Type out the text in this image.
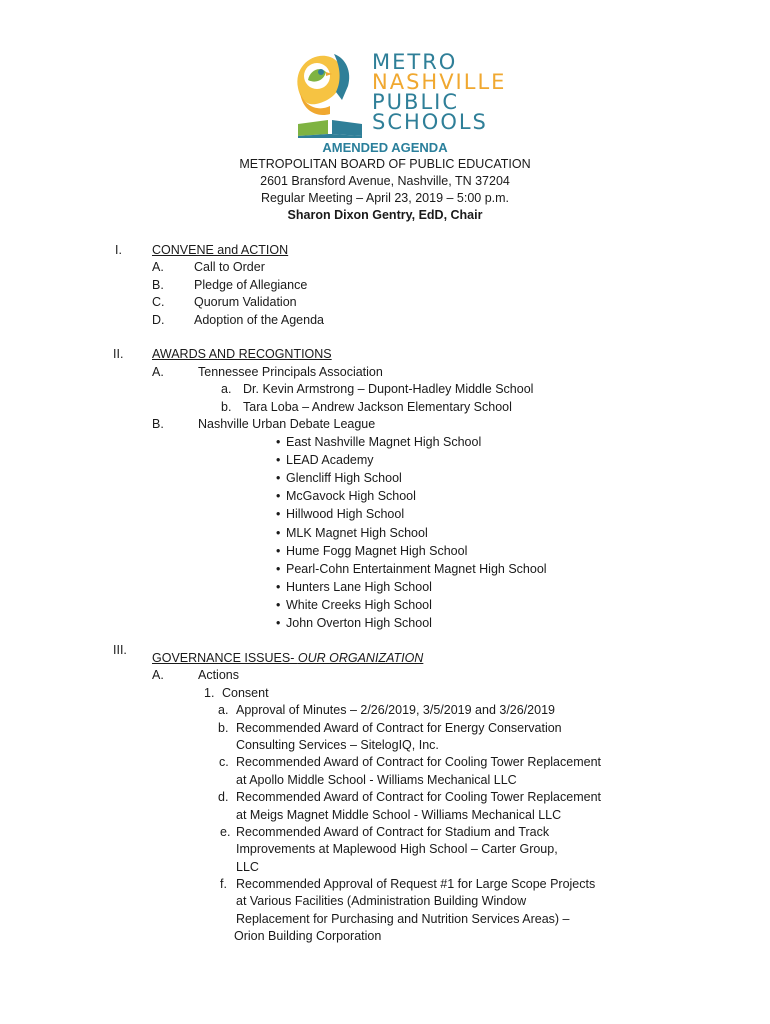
METRO
NASHVILLE
PUBLIC
SCHOOLS
AMENDED AGENDA
METROPOLITAN BOARD OF PUBLIC EDUCATION
2601 Bransford Avenue, Nashville, TN 37204
Regular Meeting – April 23, 2019 – 5:00 p.m.
Sharon Dixon Gentry, EdD, Chair
I. CONVENE and ACTION
A. Call to Order
B. Pledge of Allegiance
C. Quorum Validation
D. Adoption of the Agenda
II. AWARDS AND RECOGNTIONS
A.	Tennessee Principals Association
a. Dr. Kevin Armstrong – Dupont-Hadley Middle School
b. Tara Loba – Andrew Jackson Elementary School
B.	Nashville Urban Debate League
• East Nashville Magnet High School
• LEAD Academy
• Glencliff High School
• McGavock High School
• Hillwood High School
• MLK Magnet High School
• Hume Fogg Magnet High School
• Pearl-Cohn Entertainment Magnet High School
• Hunters Lane High School
• White Creeks High School
• John Overton High School
III.
GOVERNANCE ISSUES- OUR ORGANIZATION
A.	Actions
1. Consent
a. Approval of Minutes – 2/26/2019, 3/5/2019 and 3/26/2019
b. Recommended Award of Contract for Energy Conservation
Consulting Services – SitelogIQ, Inc.
c. Recommended Award of Contract for Cooling Tower Replacement
at Apollo Middle School - Williams Mechanical LLC
d. Recommended Award of Contract for Cooling Tower Replacement
at Meigs Magnet Middle School - Williams Mechanical LLC
e. Recommended Award of Contract for Stadium and Track
Improvements at Maplewood High School – Carter Group,
LLC
f. Recommended Approval of Request #1 for Large Scope Projects
at Various Facilities (Administration Building Window
Replacement for Purchasing and Nutrition Services Areas) –
Orion Building Corporation
